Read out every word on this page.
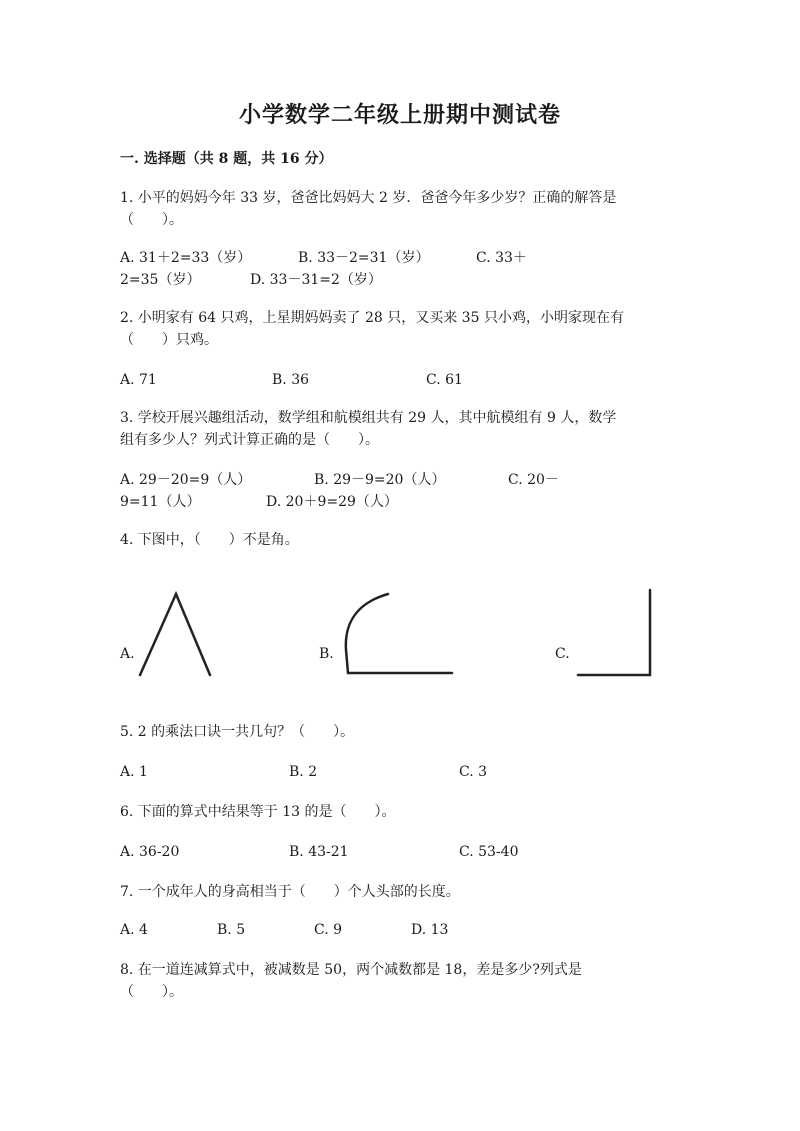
小学数学二年级上册期中测试卷
一. 选择题（共 8 题，共 16 分）
1. 小平的妈妈今年 33 岁，爸爸比妈妈大 2 岁．爸爸今年多少岁？正确的解答是
（　　）。
A. 31＋2=33（岁）	B. 33－2=31（岁）	C. 33＋
2=35（岁）	D. 33－31=2（岁）
2. 小明家有 64 只鸡，上星期妈妈卖了 28 只，又买来 35 只小鸡，小明家现在有
（　　）只鸡。
A. 71	B. 36	C. 61
3. 学校开展兴趣组活动，数学组和航模组共有 29 人，其中航模组有 9 人，数学
组有多少人？列式计算正确的是（　　）。
A. 29－20=9（人）	B. 29－9=20（人）	C. 20－
9=11（人）	D. 20＋9=29（人）
4. 下图中，（　　）不是角。
A.	B.	C.
5. 2 的乘法口诀一共几句？（　　）。
A. 1	B. 2	C. 3
6. 下面的算式中结果等于 13 的是（　　）。
A. 36-20	B. 43-21	C. 53-40
7. 一个成年人的身高相当于（　　）个人头部的长度。
A. 4	B. 5	C. 9	D. 13
8. 在一道连减算式中，被减数是 50，两个减数都是 18，差是多少?列式是
（　　）。
